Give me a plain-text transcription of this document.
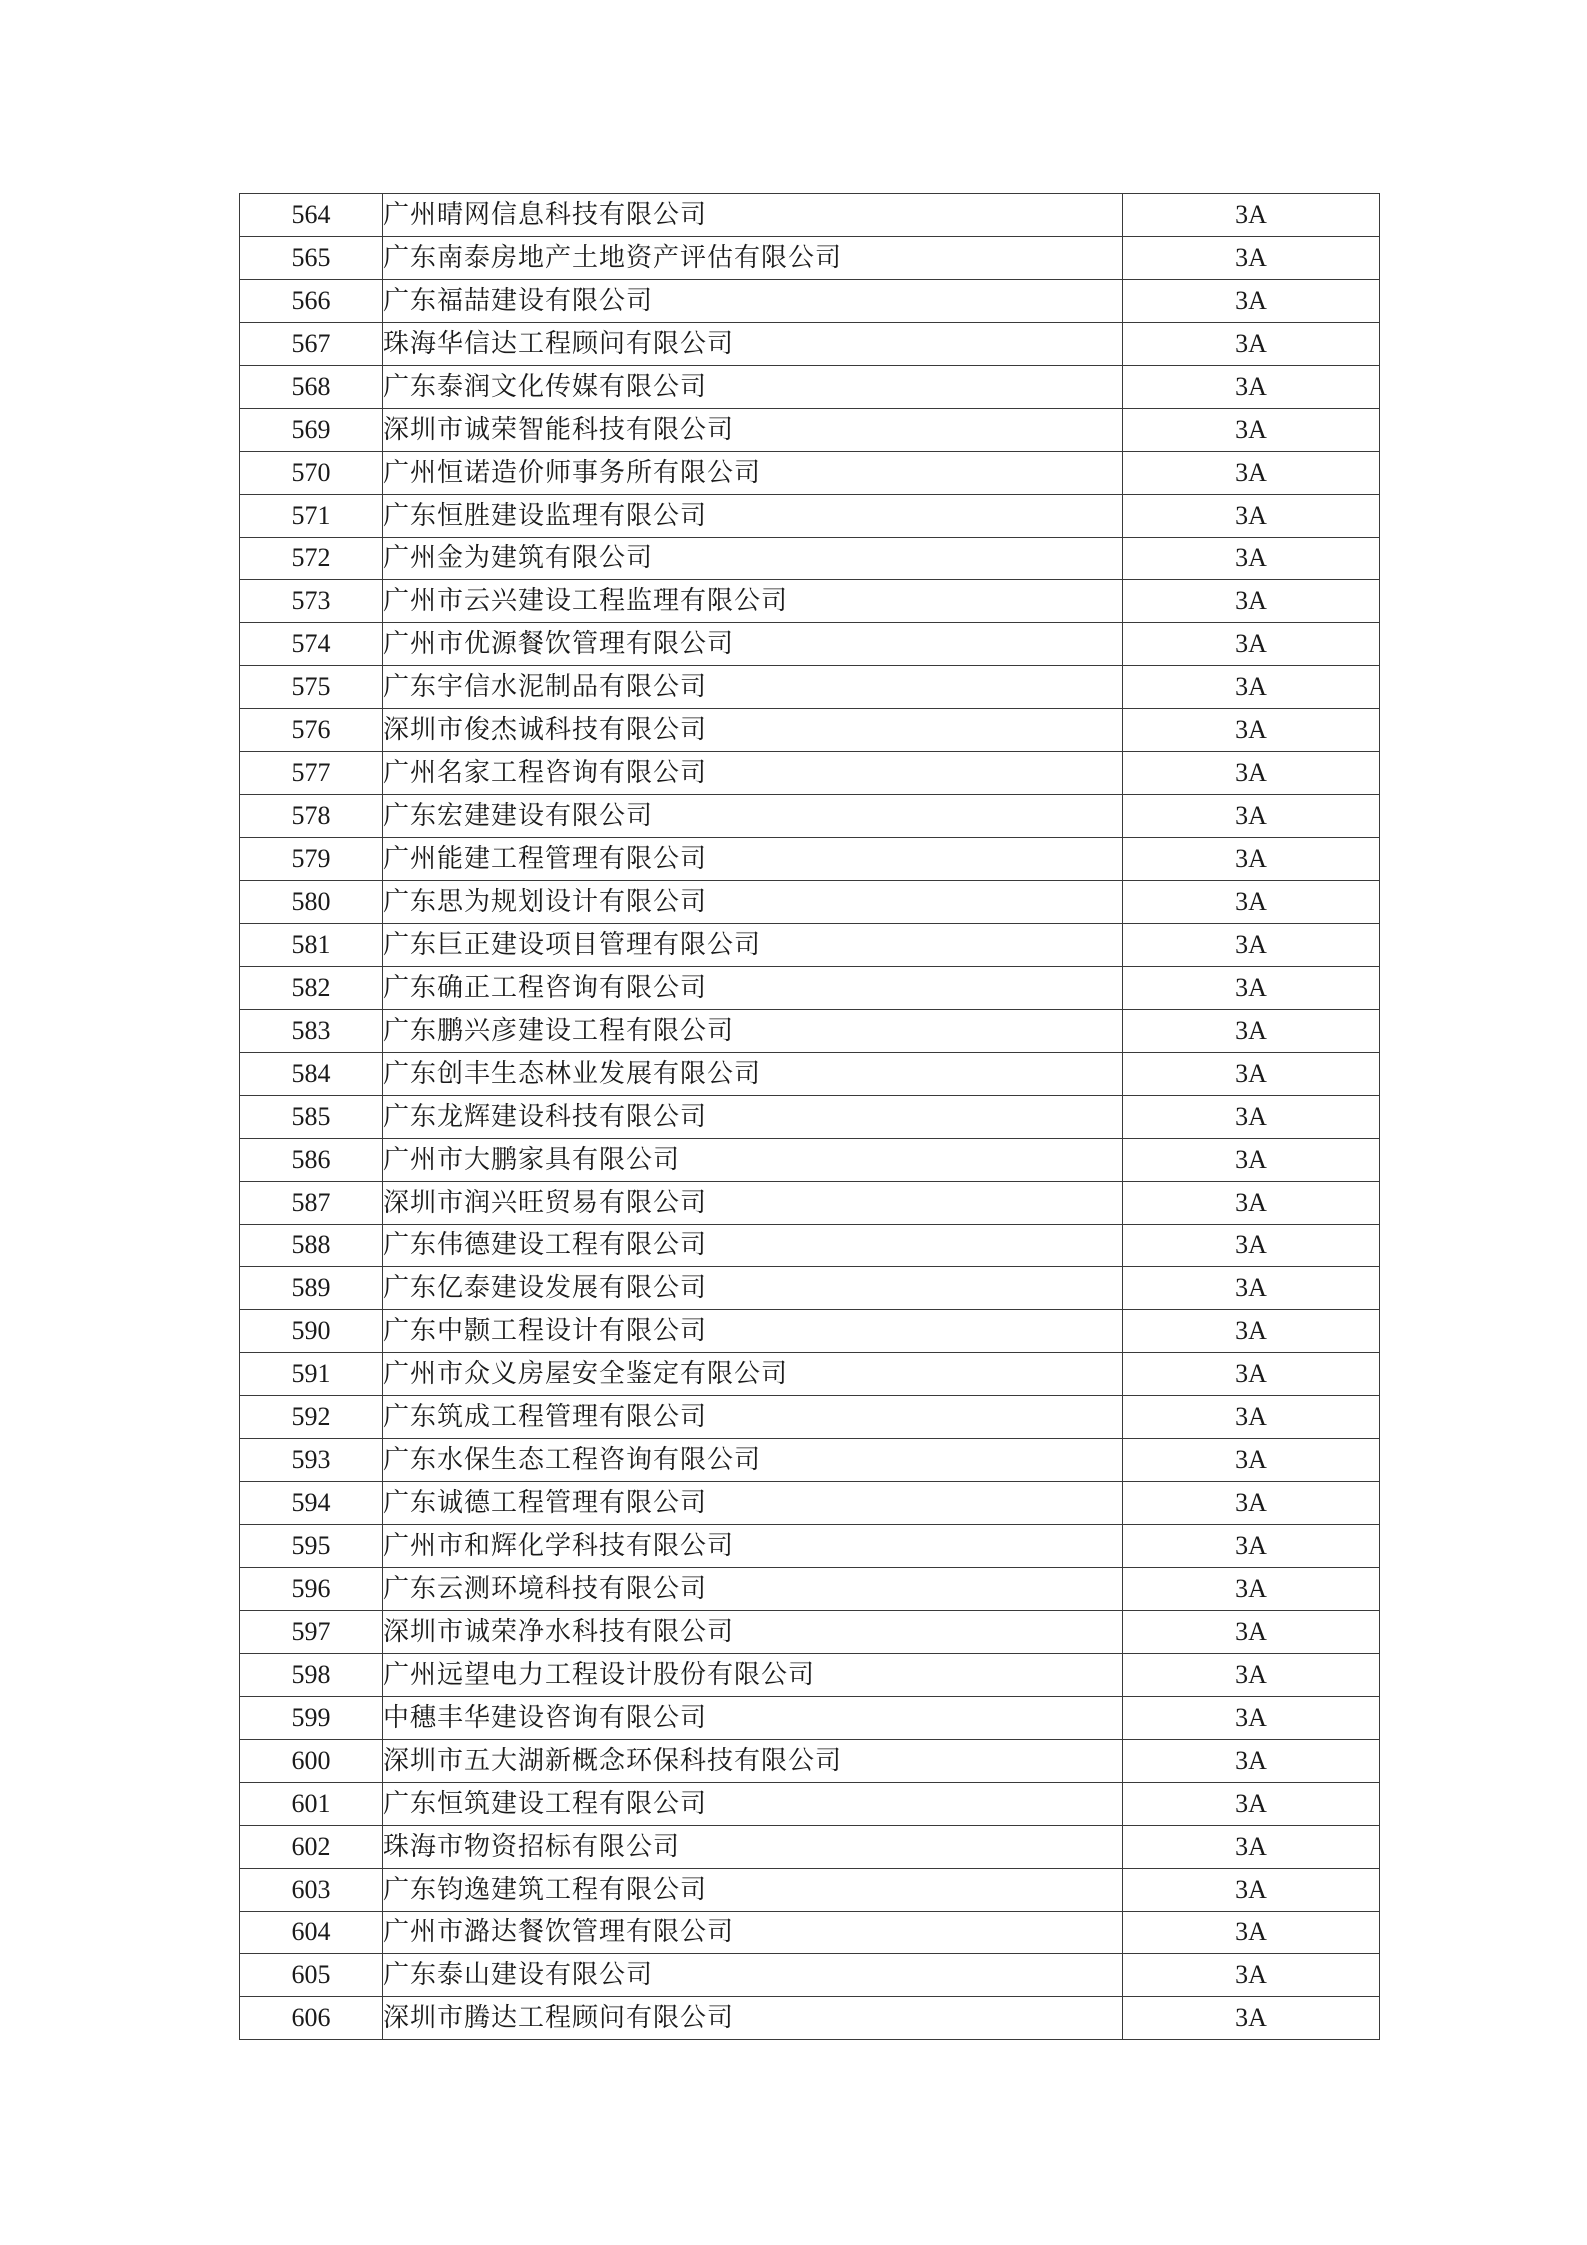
564	广州晴网信息科技有限公司	3A
565	广东南泰房地产土地资产评估有限公司	3A
566	广东福喆建设有限公司	3A
567	珠海华信达工程顾问有限公司	3A
568	广东泰润文化传媒有限公司	3A
569	深圳市诚荣智能科技有限公司	3A
570	广州恒诺造价师事务所有限公司	3A
571	广东恒胜建设监理有限公司	3A
572	广州金为建筑有限公司	3A
573	广州市云兴建设工程监理有限公司	3A
574	广州市优源餐饮管理有限公司	3A
575	广东宇信水泥制品有限公司	3A
576	深圳市俊杰诚科技有限公司	3A
577	广州名家工程咨询有限公司	3A
578	广东宏建建设有限公司	3A
579	广州能建工程管理有限公司	3A
580	广东思为规划设计有限公司	3A
581	广东巨正建设项目管理有限公司	3A
582	广东确正工程咨询有限公司	3A
583	广东鹏兴彦建设工程有限公司	3A
584	广东创丰生态林业发展有限公司	3A
585	广东龙辉建设科技有限公司	3A
586	广州市大鹏家具有限公司	3A
587	深圳市润兴旺贸易有限公司	3A
588	广东伟德建设工程有限公司	3A
589	广东亿泰建设发展有限公司	3A
590	广东中颢工程设计有限公司	3A
591	广州市众义房屋安全鉴定有限公司	3A
592	广东筑成工程管理有限公司	3A
593	广东水保生态工程咨询有限公司	3A
594	广东诚德工程管理有限公司	3A
595	广州市和辉化学科技有限公司	3A
596	广东云测环境科技有限公司	3A
597	深圳市诚荣净水科技有限公司	3A
598	广州远望电力工程设计股份有限公司	3A
599	中穗丰华建设咨询有限公司	3A
600	深圳市五大湖新概念环保科技有限公司	3A
601	广东恒筑建设工程有限公司	3A
602	珠海市物资招标有限公司	3A
603	广东钧逸建筑工程有限公司	3A
604	广州市潞达餐饮管理有限公司	3A
605	广东泰山建设有限公司	3A
606	深圳市腾达工程顾问有限公司	3A
